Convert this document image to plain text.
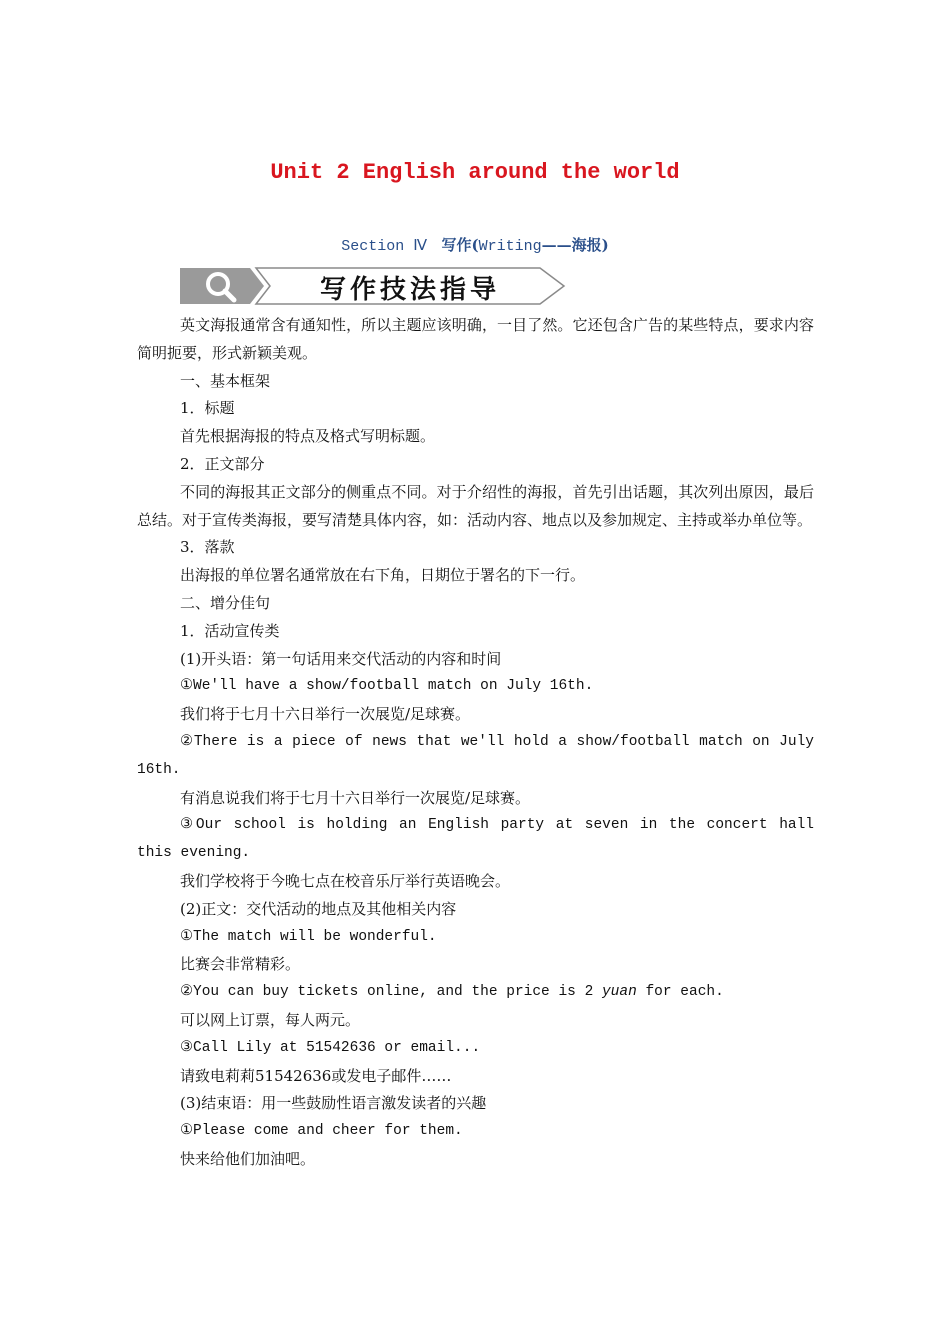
Unit 2 English around the world
Section Ⅳ 写作(Writing——海报)
写作技法指导

英文海报通常含有通知性，所以主题应该明确，一目了然。它还包含广告的某些特点，要求内容简明扼要，形式新颖美观。

一、基本框架

1．标题

首先根据海报的特点及格式写明标题。

2．正文部分

不同的海报其正文部分的侧重点不同。对于介绍性的海报，首先引出话题，其次列出原因，最后总结。对于宣传类海报，要写清楚具体内容，如：活动内容、地点以及参加规定、主持或举办单位等。

3．落款

出海报的单位署名通常放在右下角，日期位于署名的下一行。

二、增分佳句

1．活动宣传类

(1)开头语：第一句话用来交代活动的内容和时间

①We'll have a show/football match on July 16th.

我们将于七月十六日举行一次展览/足球赛。

②There is a piece of news that we'll hold a show/football match on July 16th.

有消息说我们将于七月十六日举行一次展览/足球赛。

③Our school is holding an English party at seven in the concert hall this evening.

我们学校将于今晚七点在校音乐厅举行英语晚会。

(2)正文：交代活动的地点及其他相关内容

①The match will be wonderful.

比赛会非常精彩。

②You can buy tickets online, and the price is 2 yuan for each.

可以网上订票，每人两元。

③Call Lily at 51542636 or email...

请致电莉莉51542636或发电子邮件……

(3)结束语：用一些鼓励性语言激发读者的兴趣

①Please come and cheer for them.

快来给他们加油吧。
